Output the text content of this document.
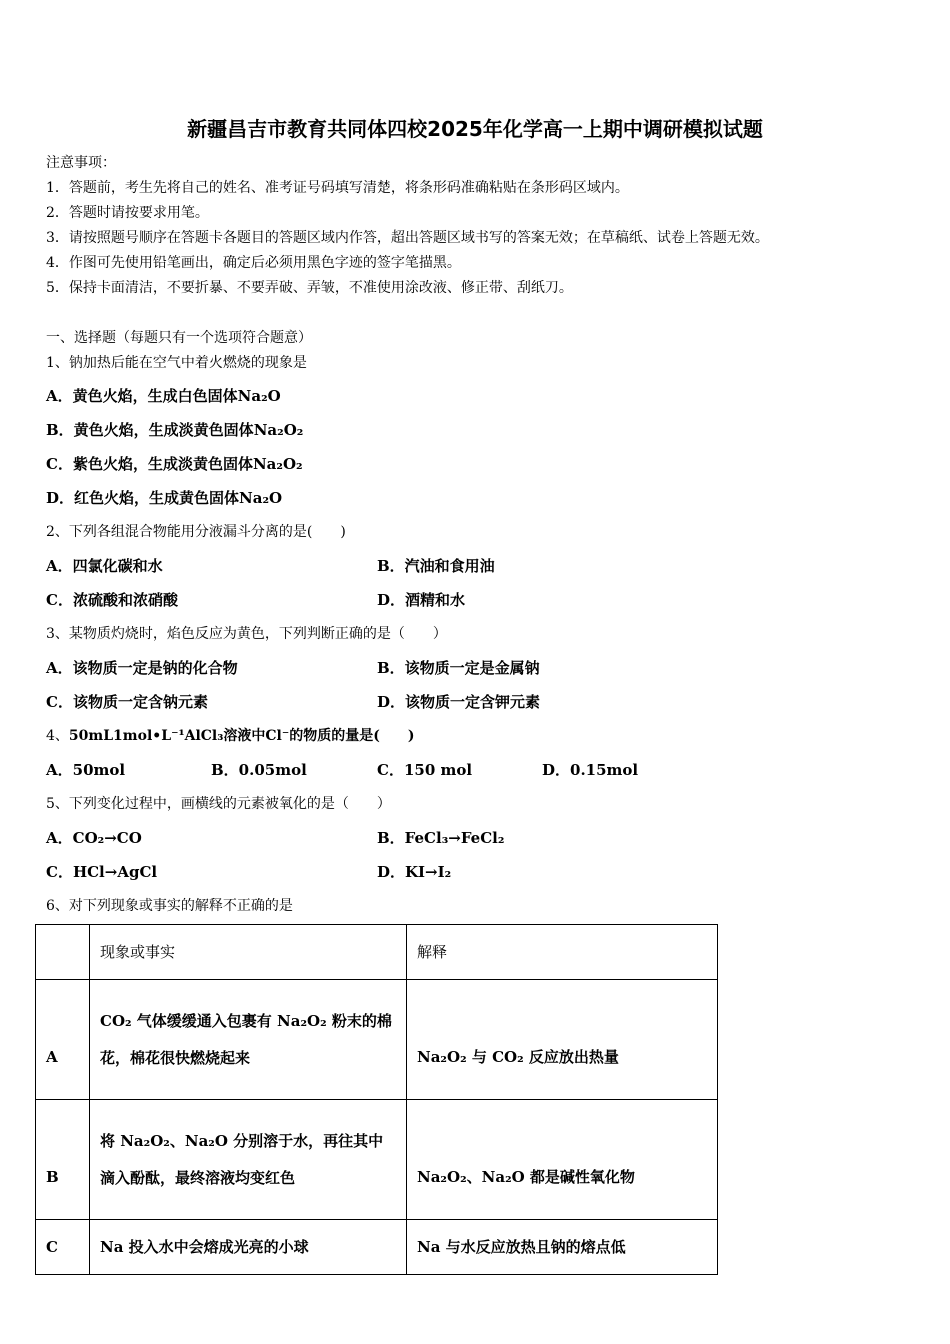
新疆昌吉市教育共同体四校2025年化学高一上期中调研模拟试题
注意事项：
1．答题前，考生先将自己的姓名、准考证号码填写清楚，将条形码准确粘贴在条形码区域内。
2．答题时请按要求用笔。
3．请按照题号顺序在答题卡各题目的答题区域内作答，超出答题区域书写的答案无效；在草稿纸、试卷上答题无效。
4．作图可先使用铅笔画出，确定后必须用黑色字迹的签字笔描黑。
5．保持卡面清洁，不要折暴、不要弄破、弄皱，不准使用涂改液、修正带、刮纸刀。
一、选择题（每题只有一个选项符合题意）
1、钠加热后能在空气中着火燃烧的现象是
A．黄色火焰，生成白色固体Na₂O
B．黄色火焰，生成淡黄色固体Na₂O₂
C．紫色火焰，生成淡黄色固体Na₂O₂
D．红色火焰，生成黄色固体Na₂O
2、下列各组混合物能用分液漏斗分离的是(　　)
A．四氯化碳和水	B．汽油和食用油
C．浓硫酸和浓硝酸	D．酒精和水
3、某物质灼烧时，焰色反应为黄色，下列判断正确的是（　　）
A．该物质一定是钠的化合物	B．该物质一定是金属钠
C．该物质一定含钠元素	D．该物质一定含钾元素
4、50mL1mol•L⁻¹AlCl₃溶液中Cl⁻的物质的量是(　　)
A．50mol	B．0.05mol	C．150 mol	D．0.15mol
5、下列变化过程中，画横线的元素被氧化的是（　　）
A．CO₂→CO	B．FeCl₃→FeCl₂
C．HCl→AgCl	D．KI→I₂
6、对下列现象或事实的解释不正确的是
	现象或事实	解释
A	CO₂ 气体缓缓通入包裹有 Na₂O₂ 粉末的棉花，棉花很快燃烧起来	Na₂O₂ 与 CO₂ 反应放出热量
B	将 Na₂O₂、Na₂O 分别溶于水，再往其中滴入酚酞，最终溶液均变红色	Na₂O₂、Na₂O 都是碱性氧化物
C	Na 投入水中会熔成光亮的小球	Na 与水反应放热且钠的熔点低
